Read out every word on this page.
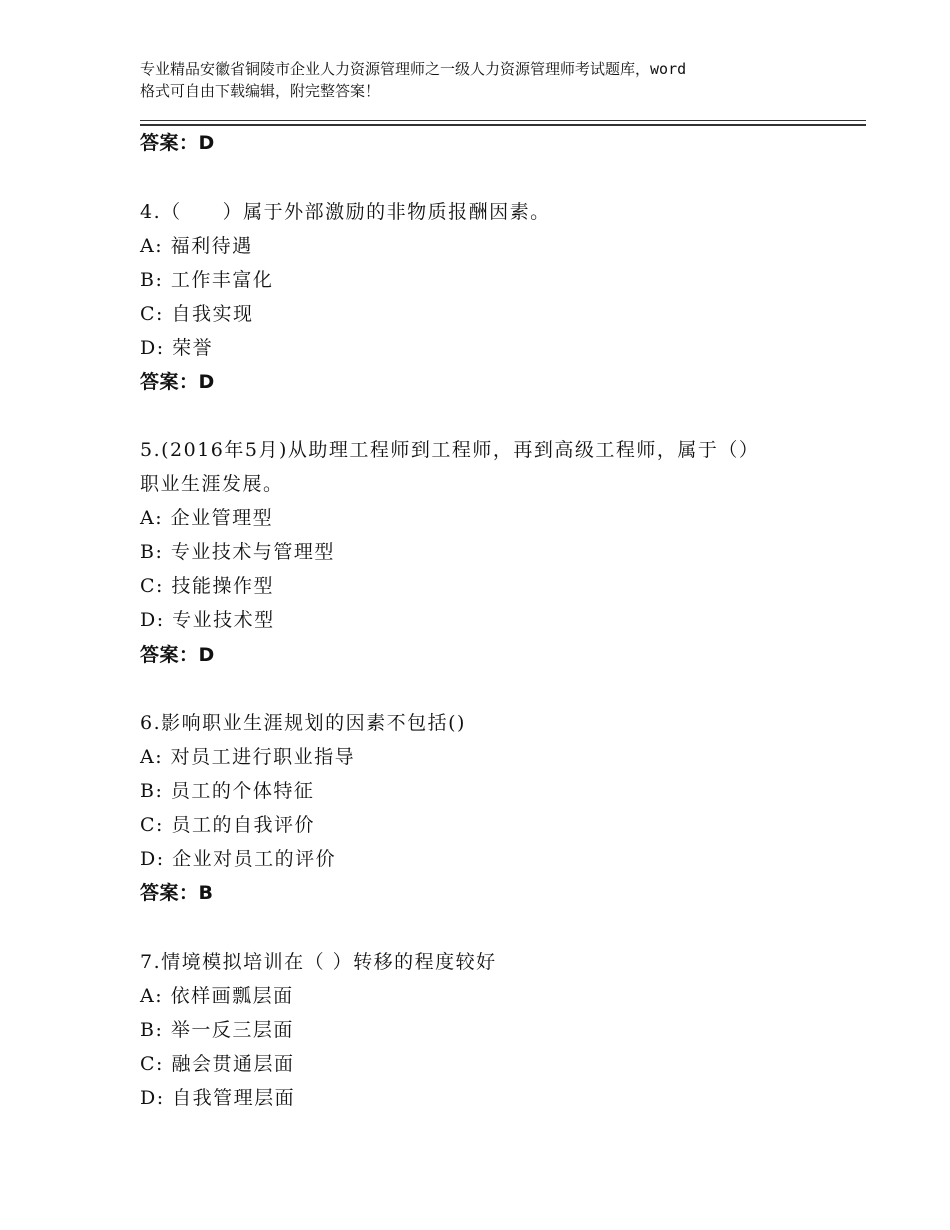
专业精品安徽省铜陵市企业人力资源管理师之一级人力资源管理师考试题库，word
格式可自由下载编辑，附完整答案！
答案：D
4.（　　）属于外部激励的非物质报酬因素。
A: 福利待遇
B: 工作丰富化
C: 自我实现
D: 荣誉
答案：D
5.(2016年5月)从助理工程师到工程师，再到高级工程师，属于（）
职业生涯发展。
A: 企业管理型
B: 专业技术与管理型
C: 技能操作型
D: 专业技术型
答案：D
6.影响职业生涯规划的因素不包括()
A: 对员工进行职业指导
B: 员工的个体特征
C: 员工的自我评价
D: 企业对员工的评价
答案：B
7.情境模拟培训在（ ）转移的程度较好
A: 依样画瓢层面
B: 举一反三层面
C: 融会贯通层面
D: 自我管理层面
